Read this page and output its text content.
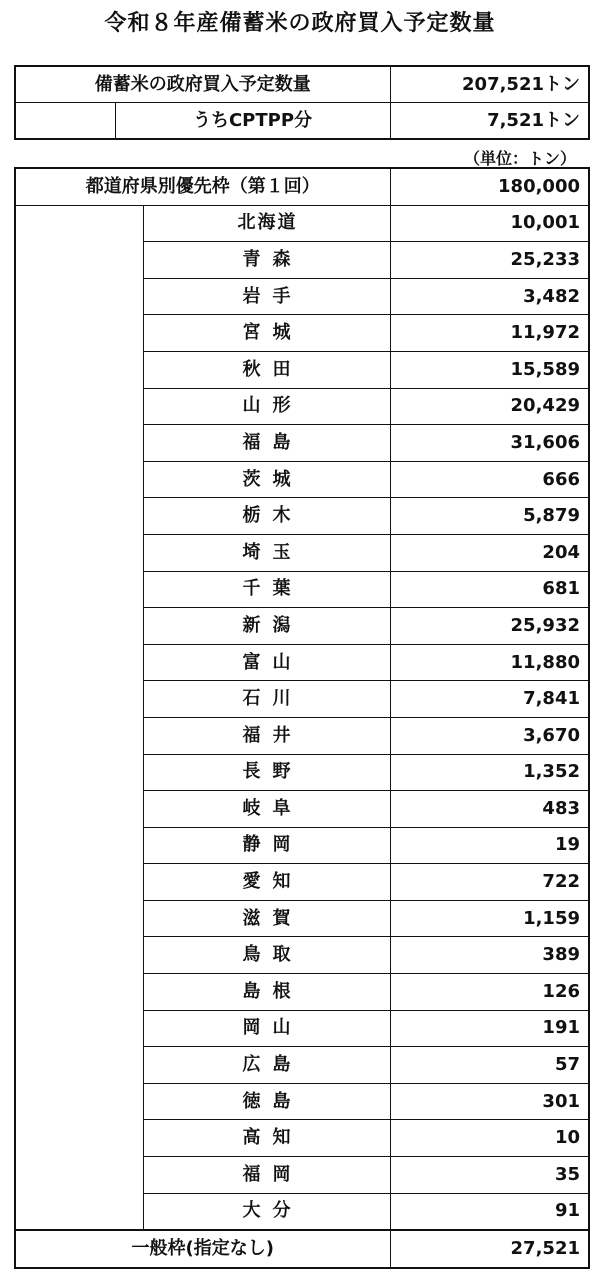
令和８年産備蓄米の政府買入予定数量
備蓄米の政府買入予定数量		207,521トン
	うちCPTPP分	7,521トン
（単位：トン）
都道府県別優先枠（第１回）		180,000
	北海道	10,001
	青森	25,233
	岩手	3,482
	宮城	11,972
	秋田	15,589
	山形	20,429
	福島	31,606
	茨城	666
	栃木	5,879
	埼玉	204
	千葉	681
	新潟	25,932
	富山	11,880
	石川	7,841
	福井	3,670
	長野	1,352
	岐阜	483
	静岡	19
	愛知	722
	滋賀	1,159
	鳥取	389
	島根	126
	岡山	191
	広島	57
	徳島	301
	高知	10
	福岡	35
	大分	91
一般枠(指定なし)		27,521
